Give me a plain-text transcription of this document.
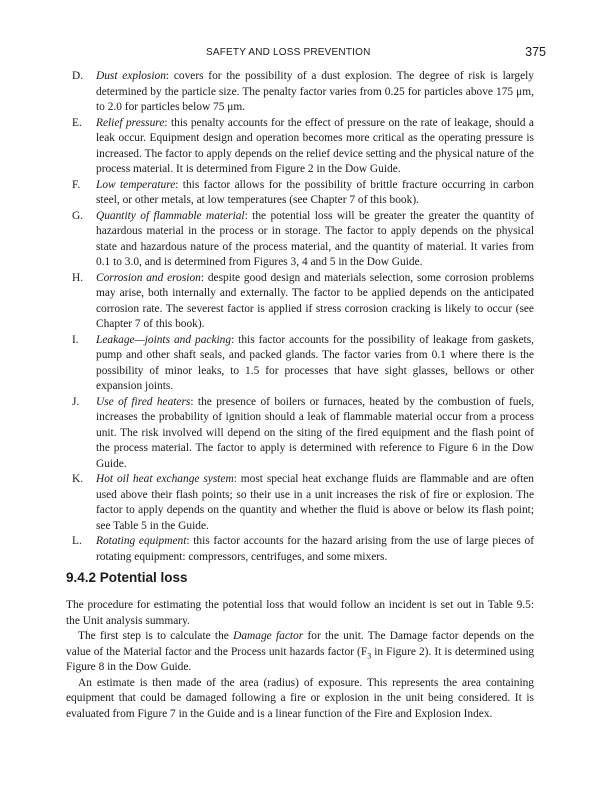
SAFETY AND LOSS PREVENTION	375
D.	Dust explosion: covers for the possibility of a dust explosion. The degree of risk is largely determined by the particle size. The penalty factor varies from 0.25 for particles above 175 μm, to 2.0 for particles below 75 μm.
E.	Relief pressure: this penalty accounts for the effect of pressure on the rate of leakage, should a leak occur. Equipment design and operation becomes more critical as the operating pressure is increased. The factor to apply depends on the relief device setting and the physical nature of the process material. It is determined from Figure 2 in the Dow Guide.
F.	Low temperature: this factor allows for the possibility of brittle fracture occurring in carbon steel, or other metals, at low temperatures (see Chapter 7 of this book).
G.	Quantity of flammable material: the potential loss will be greater the greater the quantity of hazardous material in the process or in storage. The factor to apply depends on the physical state and hazardous nature of the process material, and the quantity of material. It varies from 0.1 to 3.0, and is determined from Figures 3, 4 and 5 in the Dow Guide.
H.	Corrosion and erosion: despite good design and materials selection, some corrosion problems may arise, both internally and externally. The factor to be applied depends on the anticipated corrosion rate. The severest factor is applied if stress corrosion cracking is likely to occur (see Chapter 7 of this book).
I.	Leakage—joints and packing: this factor accounts for the possibility of leakage from gaskets, pump and other shaft seals, and packed glands. The factor varies from 0.1 where there is the possibility of minor leaks, to 1.5 for processes that have sight glasses, bellows or other expansion joints.
J.	Use of fired heaters: the presence of boilers or furnaces, heated by the combustion of fuels, increases the probability of ignition should a leak of flammable material occur from a process unit. The risk involved will depend on the siting of the fired equipment and the flash point of the process material. The factor to apply is determined with reference to Figure 6 in the Dow Guide.
K.	Hot oil heat exchange system: most special heat exchange fluids are flammable and are often used above their flash points; so their use in a unit increases the risk of fire or explosion. The factor to apply depends on the quantity and whether the fluid is above or below its flash point; see Table 5 in the Guide.
L.	Rotating equipment: this factor accounts for the hazard arising from the use of large pieces of rotating equipment: compressors, centrifuges, and some mixers.
9.4.2 Potential loss

The procedure for estimating the potential loss that would follow an incident is set out in Table 9.5: the Unit analysis summary.

The first step is to calculate the Damage factor for the unit. The Damage factor depends on the value of the Material factor and the Process unit hazards factor ($F_3$ in Figure 2). It is determined using Figure 8 in the Dow Guide.

An estimate is then made of the area (radius) of exposure. This represents the area containing equipment that could be damaged following a fire or explosion in the unit being considered. It is evaluated from Figure 7 in the Guide and is a linear function of the Fire and Explosion Index.
